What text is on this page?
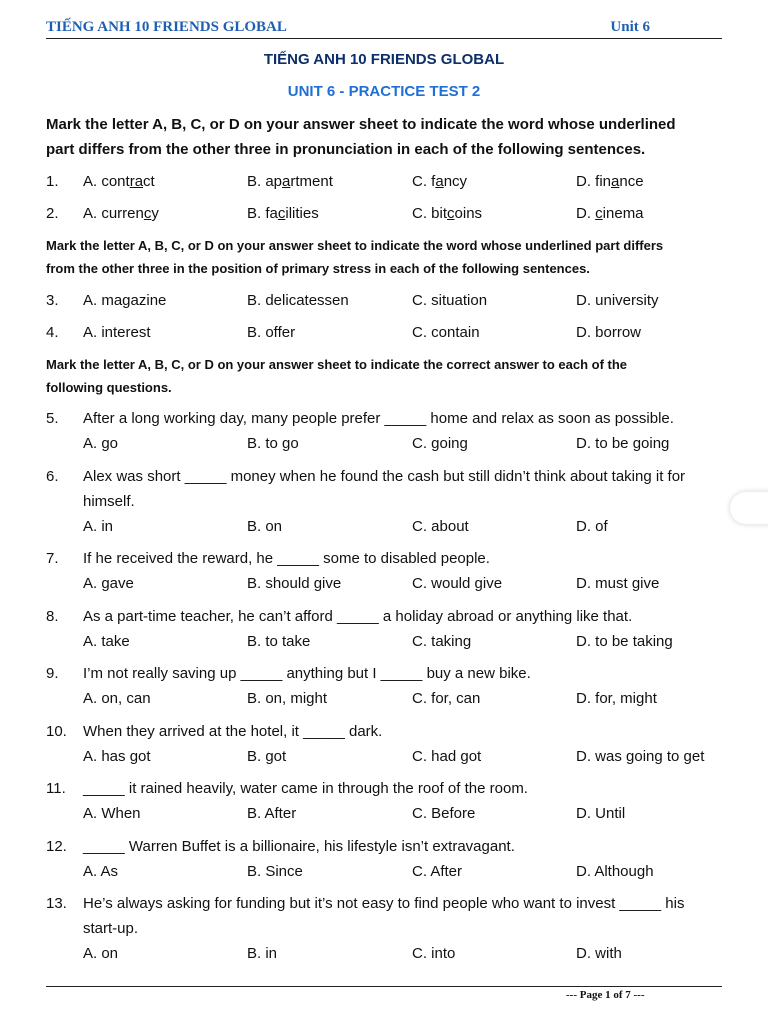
TIẾNG ANH 10 FRIENDS GLOBAL	Unit 6
TIẾNG ANH 10 FRIENDS GLOBAL
UNIT 6 - PRACTICE TEST 2
Mark the letter A, B, C, or D on your answer sheet to indicate the word whose underlined
part differs from the other three in pronunciation in each of the following sentences.
1. A. contract	B. apartment	C. fancy	D. finance
2. A. currency	B. facilities	C. bitcoins	D. cinema
Mark the letter A, B, C, or D on your answer sheet to indicate the word whose underlined part differs
from the other three in the position of primary stress in each of the following sentences.
3. A. magazine	B. delicatessen	C. situation	D. university
4. A. interest	B. offer	C. contain	D. borrow
Mark the letter A, B, C, or D on your answer sheet to indicate the correct answer to each of the
following questions.
5. After a long working day, many people prefer _____ home and relax as soon as possible.
A. go	B. to go	C. going	D. to be going
6. Alex was short _____ money when he found the cash but still didn’t think about taking it for
himself.
A. in	B. on	C. about	D. of
7. If he received the reward, he _____ some to disabled people.
A. gave	B. should give	C. would give	D. must give
8. As a part-time teacher, he can’t afford _____ a holiday abroad or anything like that.
A. take	B. to take	C. taking	D. to be taking
9. I’m not really saving up _____ anything but I _____ buy a new bike.
A. on, can	B. on, might	C. for, can	D. for, might
10. When they arrived at the hotel, it _____ dark.
A. has got	B. got	C. had got	D. was going to get
11. _____ it rained heavily, water came in through the roof of the room.
A. When	B. After	C. Before	D. Until
12. _____ Warren Buffet is a billionaire, his lifestyle isn’t extravagant.
A. As	B. Since	C. After	D. Although
13. He’s always asking for funding but it’s not easy to find people who want to invest _____ his
start-up.
A. on	B. in	C. into	D. with
--- Page 1 of 7 ---
